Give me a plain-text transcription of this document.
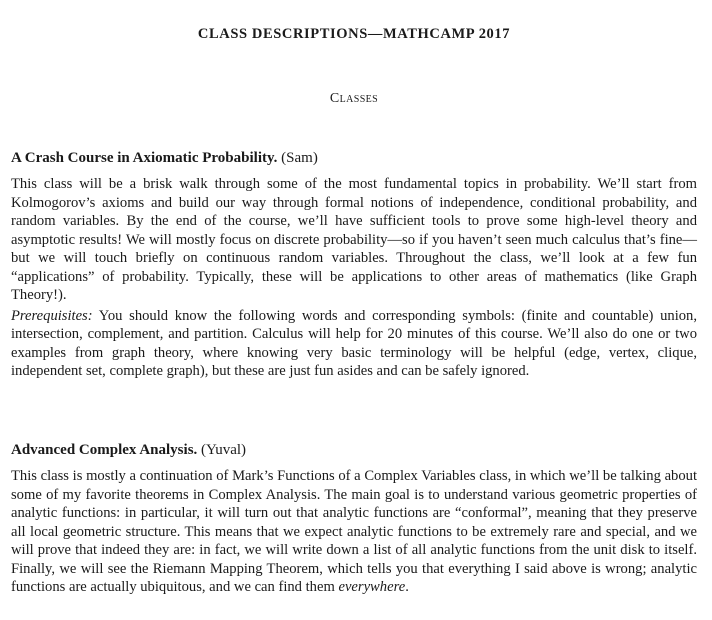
CLASS DESCRIPTIONS—MATHCAMP 2017
Classes

A Crash Course in Axiomatic Probability. (Sam)

This class will be a brisk walk through some of the most fundamental topics in probability. We’ll start from Kolmogorov’s axioms and build our way through formal notions of independence, conditional probability, and random variables. By the end of the course, we’ll have sufficient tools to prove some high-level theory and asymptotic results! We will mostly focus on discrete probability—so if you haven’t seen much calculus that’s fine—but we will touch briefly on continuous random variables. Throughout the class, we’ll look at a few fun “applications” of probability. Typically, these will be applications to other areas of mathematics (like Graph Theory!).

Prerequisites: You should know the following words and corresponding symbols: (finite and countable) union, intersection, complement, and partition. Calculus will help for 20 minutes of this course. We’ll also do one or two examples from graph theory, where knowing very basic terminology will be helpful (edge, vertex, clique, independent set, complete graph), but these are just fun asides and can be safely ignored.

Advanced Complex Analysis. (Yuval)

This class is mostly a continuation of Mark’s Functions of a Complex Variables class, in which we’ll be talking about some of my favorite theorems in Complex Analysis. The main goal is to understand various geometric properties of analytic functions: in particular, it will turn out that analytic functions are “conformal”, meaning that they preserve all local geometric structure. This means that we expect analytic functions to be extremely rare and special, and we will prove that indeed they are: in fact, we will write down a list of all analytic functions from the unit disk to itself. Finally, we will see the Riemann Mapping Theorem, which tells you that everything I said above is wrong; analytic functions are actually ubiquitous, and we can find them everywhere.
